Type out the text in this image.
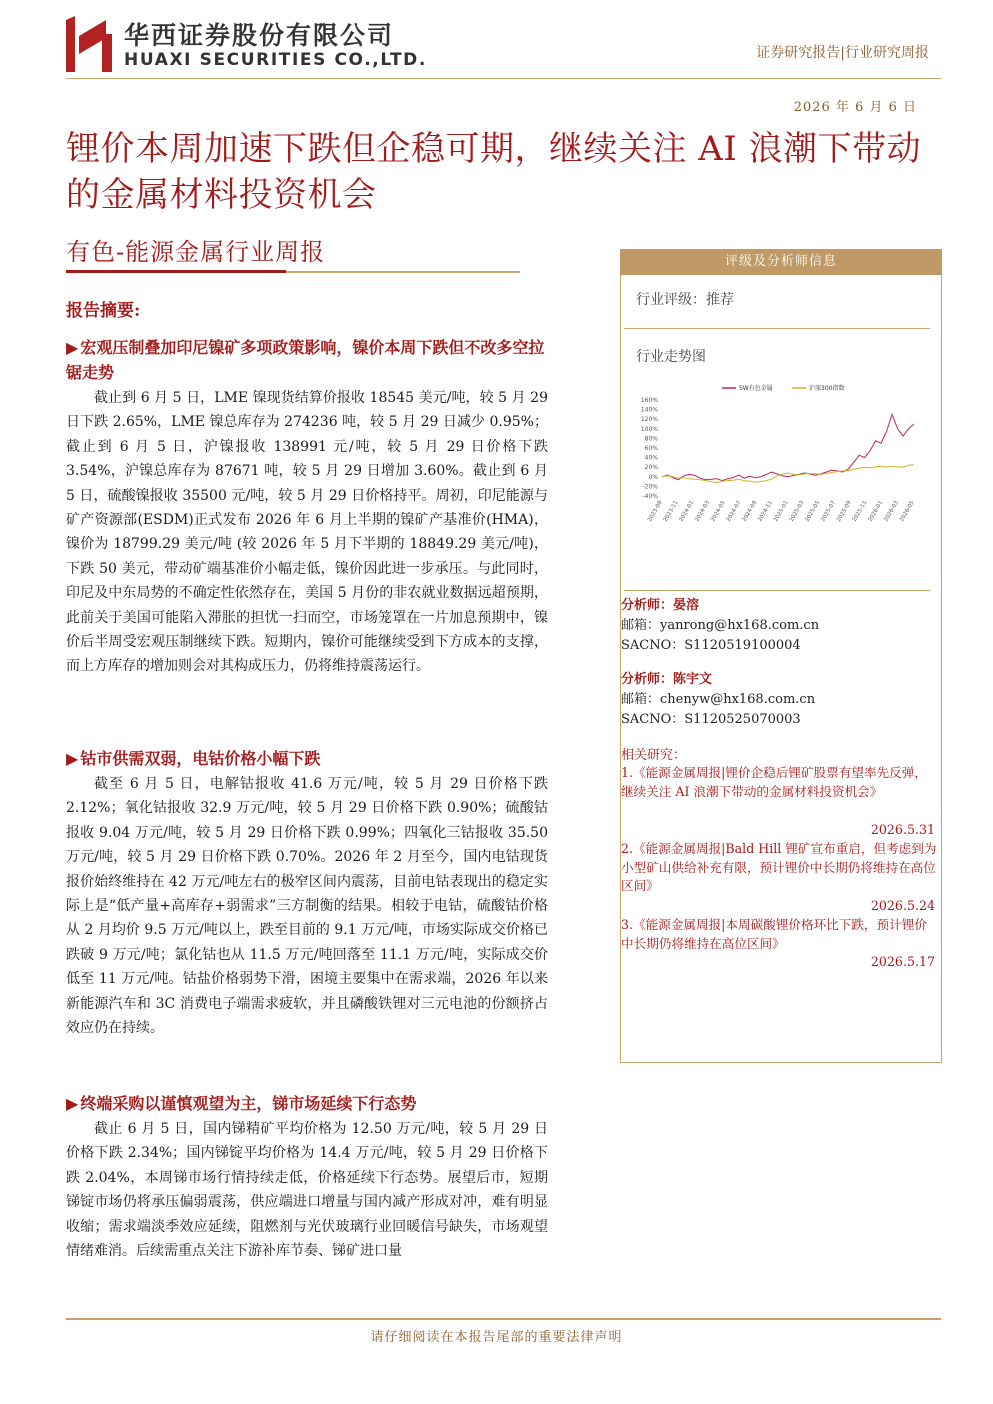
华西证券股份有限公司
HUAXI SECURITIES CO.,LTD.	证券研究报告|行业研究周报
2026 年 6 月 6 日
锂价本周加速下跌但企稳可期，继续关注 AI 浪潮下带动的金属材料投资机会
有色-能源金属行业周报
报告摘要:
▶ 宏观压制叠加印尼镍矿多项政策影响，镍价本周下跌但不改多空拉锯走势
截止到 6 月 5 日，LME 镍现货结算价报收 18545 美元/吨，较 5 月 29 日下跌 2.65%，LME 镍总库存为 274236 吨，较 5 月 29 日减少 0.95%；截止到 6 月 5 日，沪镍报收 138991 元/吨，较 5 月 29 日价格下跌 3.54%，沪镍总库存为 87671 吨，较 5 月 29 日增加 3.60%。截止到 6 月 5 日，硫酸镍报收 35500 元/吨，较 5 月 29 日价格持平。周初，印尼能源与矿产资源部(ESDM)正式发布 2026 年 6 月上半期的镍矿产基准价(HMA)，镍价为 18799.29 美元/吨 (较 2026 年 5 月下半期的 18849.29 美元/吨)，下跌 50 美元，带动矿端基准价小幅走低，镍价因此进一步承压。与此同时，印尼及中东局势的不确定性依然存在，美国 5 月份的非农就业数据远超预期，此前关于美国可能陷入滞胀的担忧一扫而空，市场笼罩在一片加息预期中，镍价后半周受宏观压制继续下跌。短期内，镍价可能继续受到下方成本的支撑，而上方库存的增加则会对其构成压力，仍将维持震荡运行。
▶ 钴市供需双弱，电钴价格小幅下跌
截至 6 月 5 日，电解钴报收 41.6 万元/吨，较 5 月 29 日价格下跌 2.12%；氧化钴报收 32.9 万元/吨，较 5 月 29 日价格下跌 0.90%；硫酸钴报收 9.04 万元/吨，较 5 月 29 日价格下跌 0.99%；四氧化三钴报收 35.50 万元/吨，较 5 月 29 日价格下跌 0.70%。2026 年 2 月至今，国内电钴现货报价始终维持在 42 万元/吨左右的极窄区间内震荡，目前电钴表现出的稳定实际上是“低产量+高库存+弱需求”三方制衡的结果。相较于电钴，硫酸钴价格从 2 月均价 9.5 万元/吨以上，跌至目前的 9.1 万元/吨，市场实际成交价格已跌破 9 万元/吨；氯化钴也从 11.5 万元/吨回落至 11.1 万元/吨，实际成交价低至 11 万元/吨。钴盐价格弱势下滑，困境主要集中在需求端，2026 年以来新能源汽车和 3C 消费电子端需求疲软，并且磷酸铁锂对三元电池的份额挤占效应仍在持续。
▶ 终端采购以谨慎观望为主，锑市场延续下行态势
截止 6 月 5 日，国内锑精矿平均价格为 12.50 万元/吨，较 5 月 29 日价格下跌 2.34%；国内锑锭平均价格为 14.4 万元/吨，较 5 月 29 日价格下跌 2.04%，本周锑市场行情持续走低，价格延续下行态势。展望后市，短期锑锭市场仍将承压偏弱震荡，供应端进口增量与国内减产形成对冲，难有明显收缩；需求端淡季效应延续，阻燃剂与光伏玻璃行业回暖信号缺失，市场观望情绪难消。后续需重点关注下游补库节奏、锑矿进口量
评级及分析师信息
行业评级：推荐
行业走势图
160%
140%
120%
100%
80%
60%
40%
20%
0%
-20%
-40%
2023-09 2023-11 2024-01 2024-03 2024-05 2024-07 2024-09 2024-11 2025-01 2025-03 2025-05 2025-07 2025-09 2025-11 2026-01 2026-03 2026-05
SW有色金属	沪深300指数
分析师：晏溶
邮箱：yanrong@hx168.com.cn
SACNO：S1120519100004
分析师：陈宇文
邮箱：chenyw@hx168.com.cn
SACNO：S1120525070003
相关研究：
1.《能源金属周报|锂价企稳后锂矿股票有望率先反弹，继续关注 AI 浪潮下带动的金属材料投资机会》
2026.5.31
2.《能源金属周报|Bald Hill 锂矿宣布重启，但考虑到为小型矿山供给补充有限，预计锂价中长期仍将维持在高位区间》
2026.5.24
3.《能源金属周报|本周碳酸锂价格环比下跌，预计锂价中长期仍将维持在高位区间》
2026.5.17
请仔细阅读在本报告尾部的重要法律声明
